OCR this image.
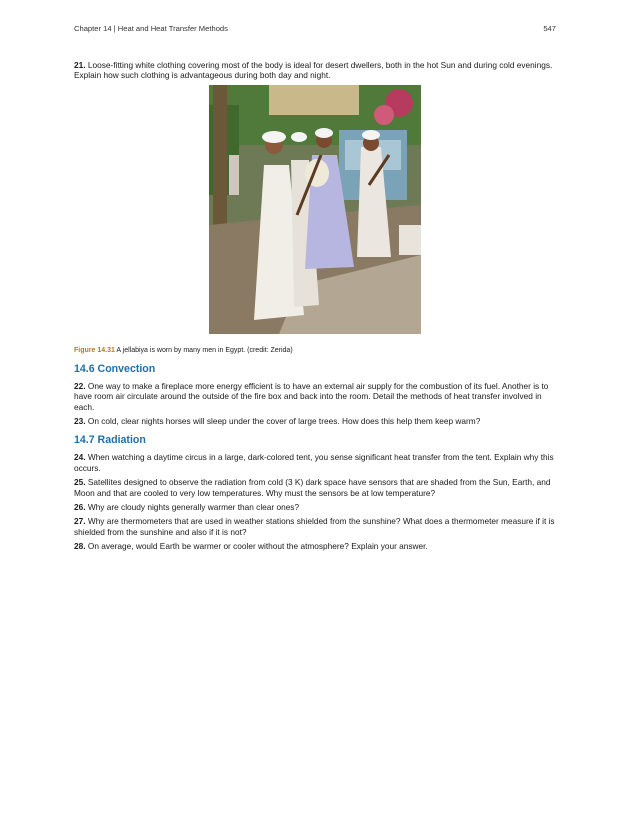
Chapter 14 | Heat and Heat Transfer Methods	547

21. Loose-fitting white clothing covering most of the body is ideal for desert dwellers, both in the hot Sun and during cold evenings. Explain how such clothing is advantageous during both day and night.

Figure 14.31 A jellabiya is worn by many men in Egypt. (credit: Zerida)

14.6 Convection

22. One way to make a fireplace more energy efficient is to have an external air supply for the combustion of its fuel. Another is to have room air circulate around the outside of the fire box and back into the room. Detail the methods of heat transfer involved in each.

23. On cold, clear nights horses will sleep under the cover of large trees. How does this help them keep warm?

14.7 Radiation

24. When watching a daytime circus in a large, dark-colored tent, you sense significant heat transfer from the tent. Explain why this occurs.

25. Satellites designed to observe the radiation from cold (3 K) dark space have sensors that are shaded from the Sun, Earth, and Moon and that are cooled to very low temperatures. Why must the sensors be at low temperature?

26. Why are cloudy nights generally warmer than clear ones?

27. Why are thermometers that are used in weather stations shielded from the sunshine? What does a thermometer measure if it is shielded from the sunshine and also if it is not?

28. On average, would Earth be warmer or cooler without the atmosphere? Explain your answer.
